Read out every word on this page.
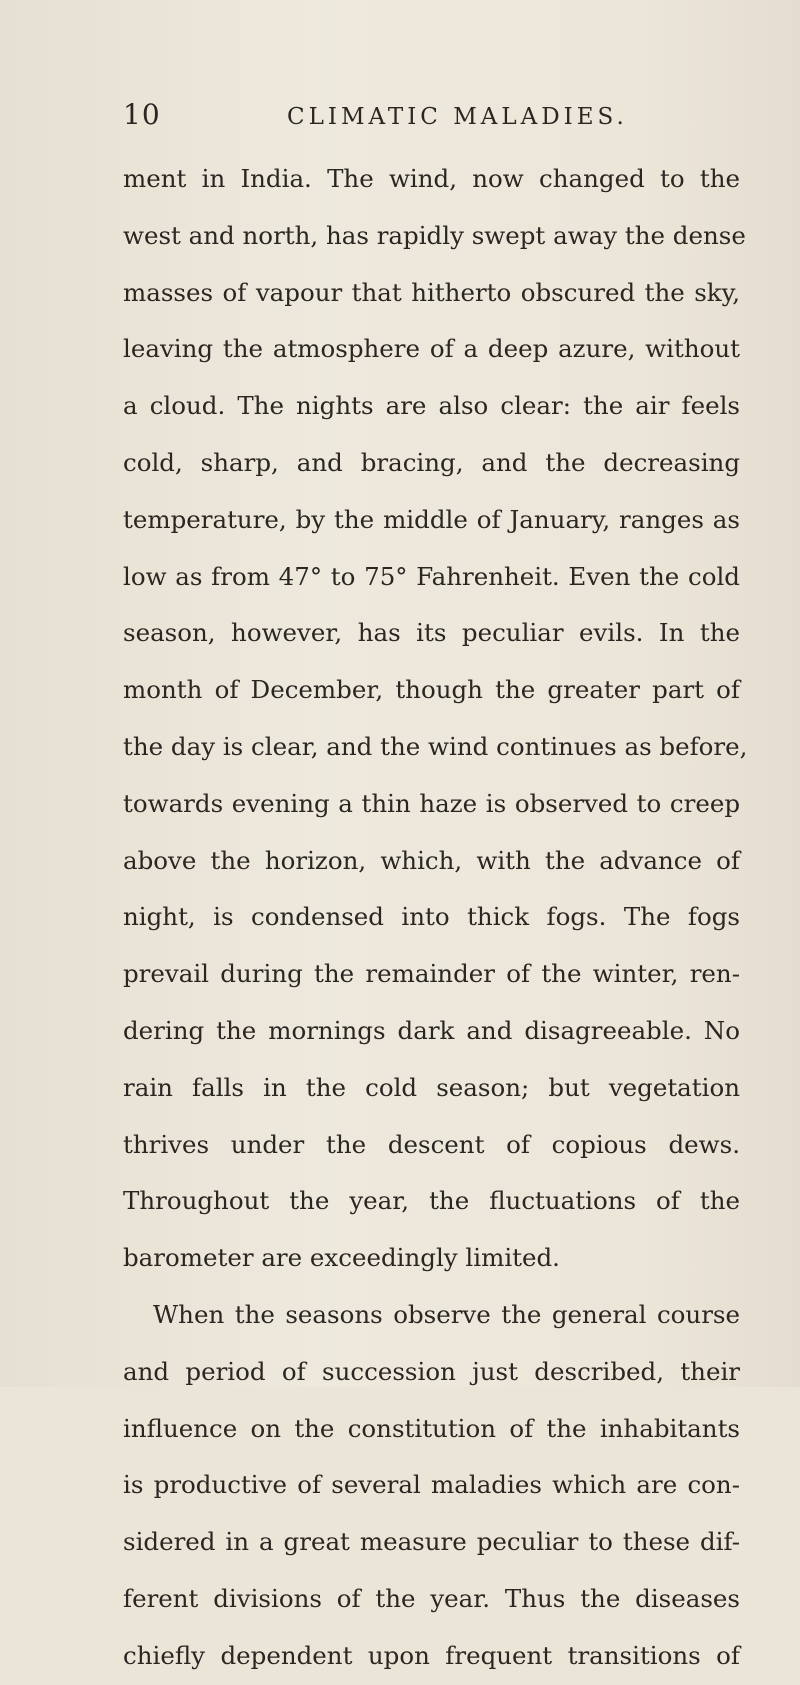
10	CLIMATIC MALADIES.
ment in India. The wind, now changed to the
west and north, has rapidly swept away the dense
masses of vapour that hitherto obscured the sky,
leaving the atmosphere of a deep azure, without
a cloud. The nights are also clear: the air feels
cold, sharp, and bracing, and the decreasing
temperature, by the middle of January, ranges as
low as from 47° to 75° Fahrenheit. Even the cold
season, however, has its peculiar evils. In the
month of December, though the greater part of
the day is clear, and the wind continues as before,
towards evening a thin haze is observed to creep
above the horizon, which, with the advance of
night, is condensed into thick fogs. The fogs
prevail during the remainder of the winter, ren-
dering the mornings dark and disagreeable. No
rain falls in the cold season; but vegetation
thrives under the descent of copious dews.
Throughout the year, the fluctuations of the
barometer are exceedingly limited.
When the seasons observe the general course
and period of succession just described, their
influence on the constitution of the inhabitants
is productive of several maladies which are con-
sidered in a great measure peculiar to these dif-
ferent divisions of the year. Thus the diseases
chiefly dependent upon frequent transitions of
